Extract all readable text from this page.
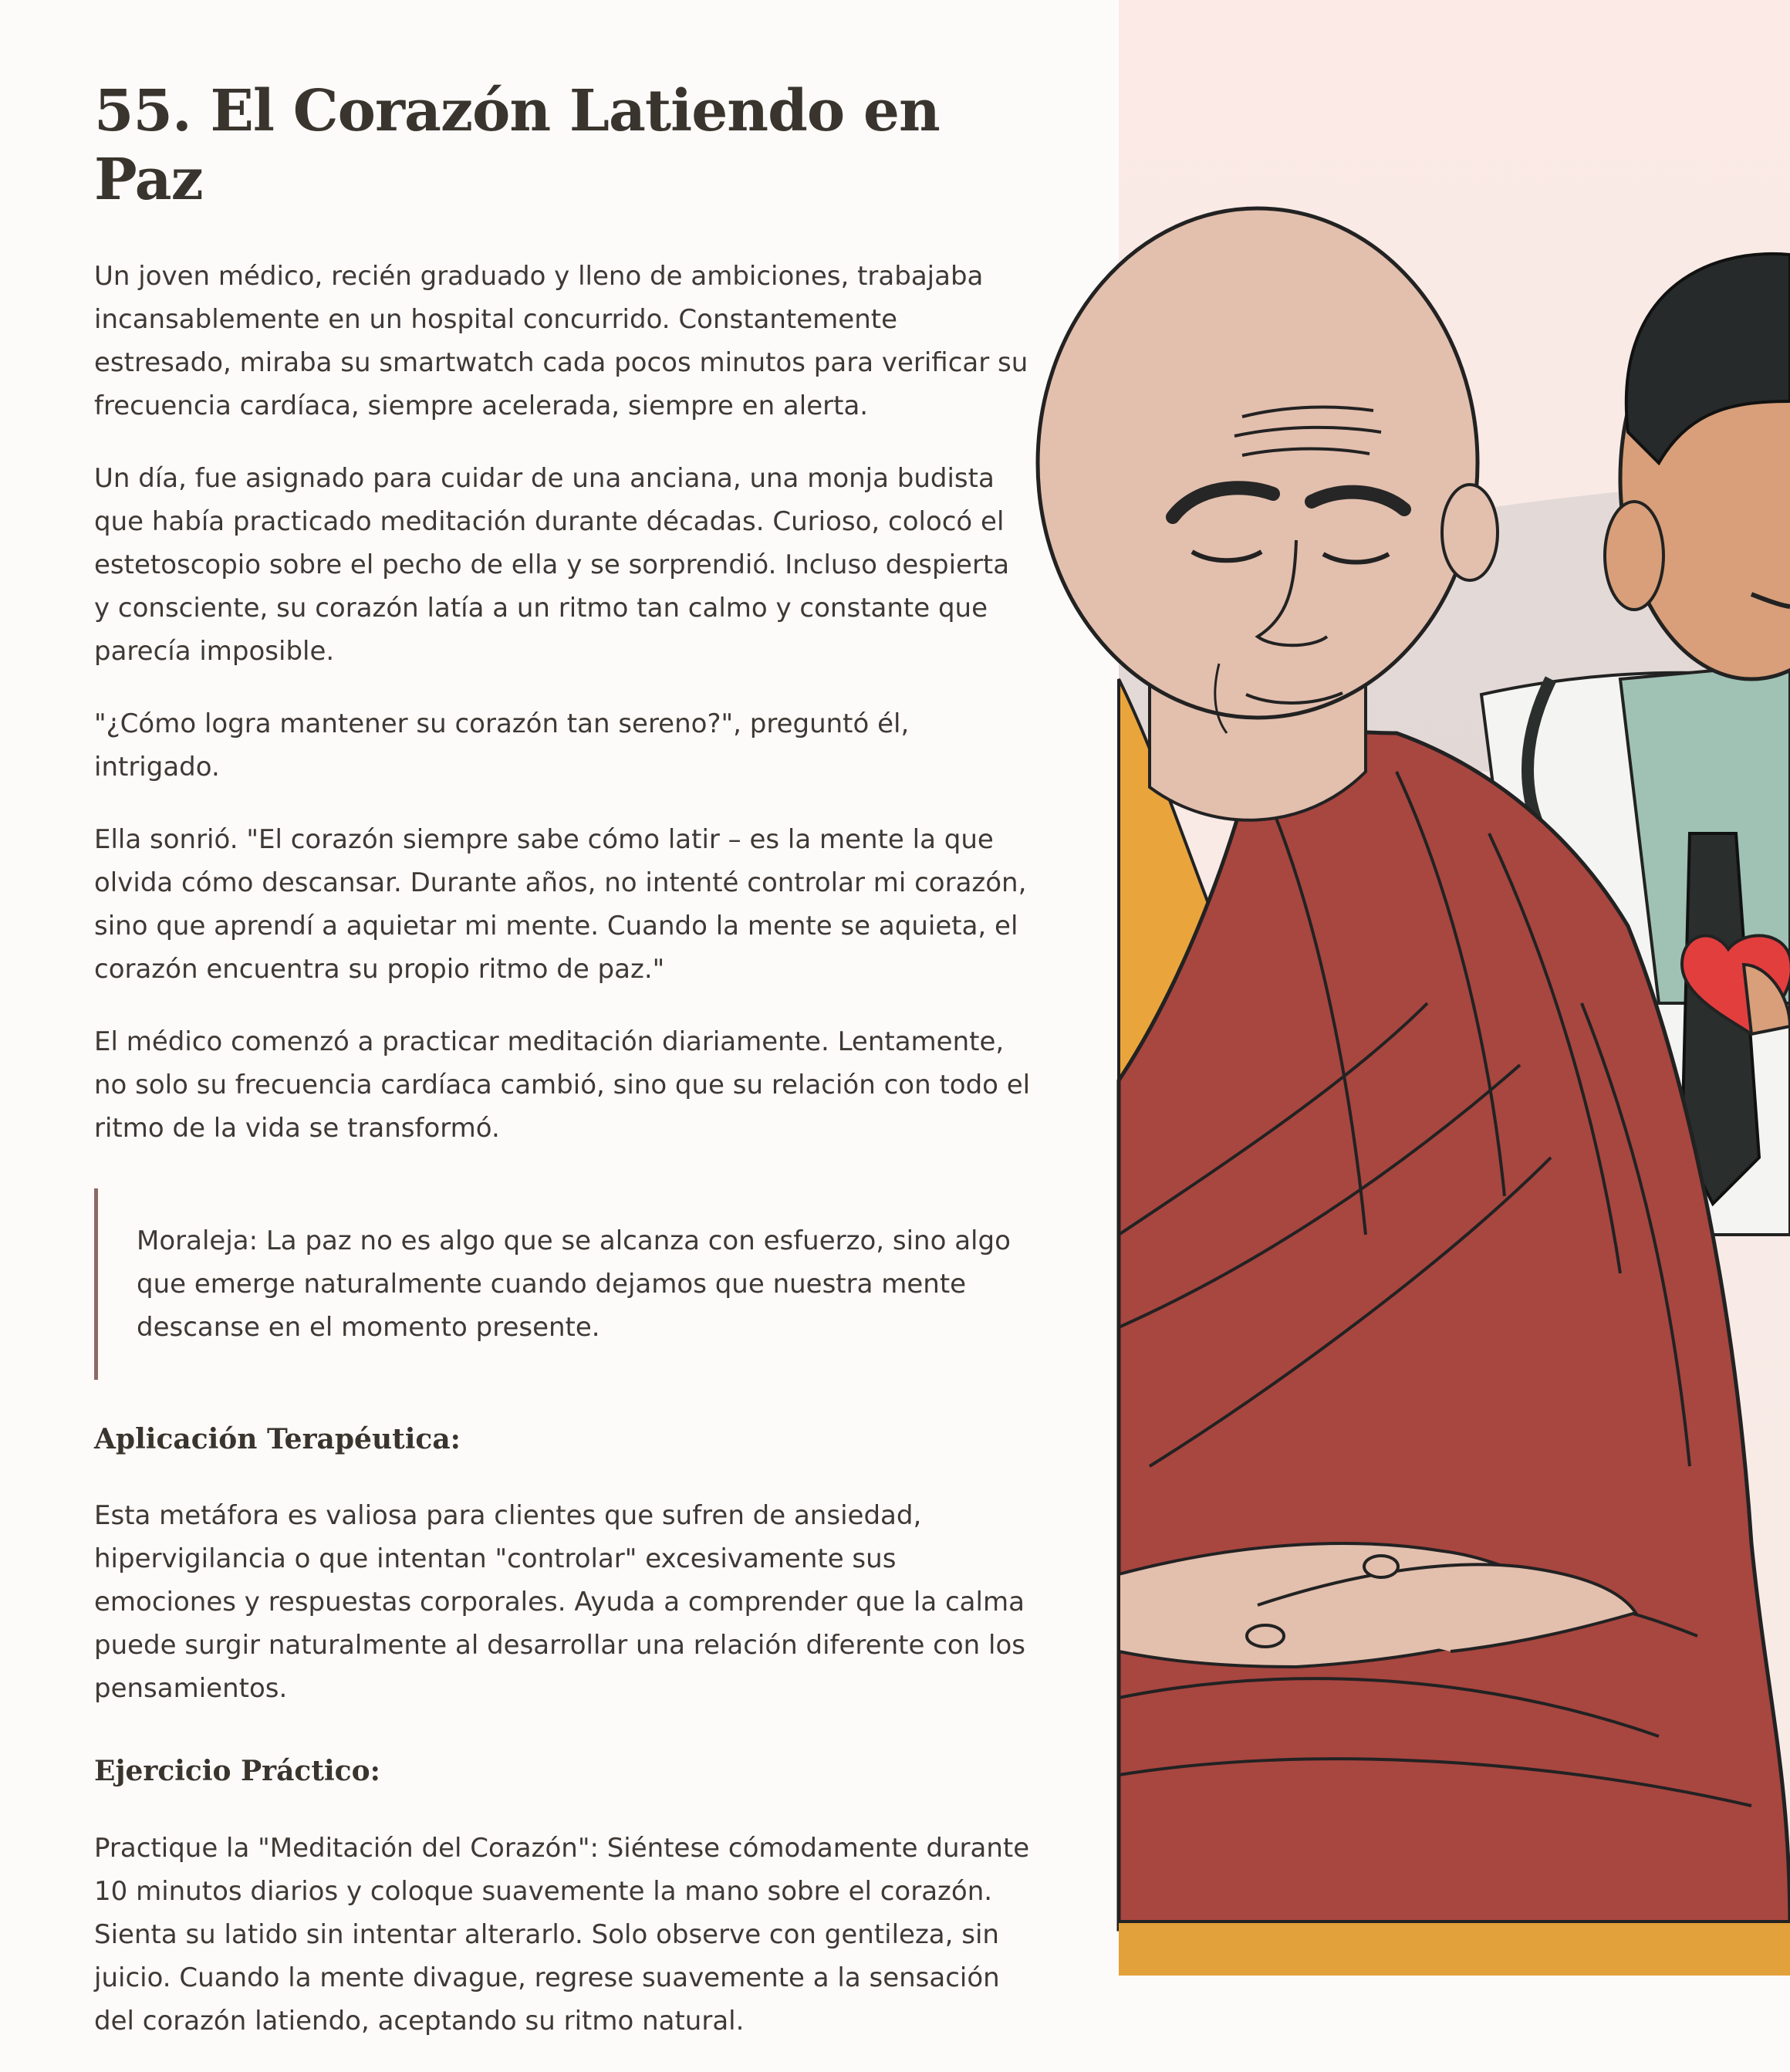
55. El Corazón Latiendo en Paz

Un joven médico, recién graduado y lleno de ambiciones, trabajaba incansablemente en un hospital concurrido. Constantemente estresado, miraba su smartwatch cada pocos minutos para verificar su frecuencia cardíaca, siempre acelerada, siempre en alerta.

Un día, fue asignado para cuidar de una anciana, una monja budista que había practicado meditación durante décadas. Curioso, colocó el estetoscopio sobre el pecho de ella y se sorprendió. Incluso despierta y consciente, su corazón latía a un ritmo tan calmo y constante que parecía imposible.

"¿Cómo logra mantener su corazón tan sereno?", preguntó él, intrigado.

Ella sonrió. "El corazón siempre sabe cómo latir – es la mente la que olvida cómo descansar. Durante años, no intenté controlar mi corazón, sino que aprendí a aquietar mi mente. Cuando la mente se aquieta, el corazón encuentra su propio ritmo de paz."

El médico comenzó a practicar meditación diariamente. Lentamente, no solo su frecuencia cardíaca cambió, sino que su relación con todo el ritmo de la vida se transformó.

Moraleja: La paz no es algo que se alcanza con esfuerzo, sino algo que emerge naturalmente cuando dejamos que nuestra mente descanse en el momento presente.

Aplicación Terapéutica:

Esta metáfora es valiosa para clientes que sufren de ansiedad, hipervigilancia o que intentan "controlar" excesivamente sus emociones y respuestas corporales. Ayuda a comprender que la calma puede surgir naturalmente al desarrollar una relación diferente con los pensamientos.

Ejercicio Práctico:

Practique la "Meditación del Corazón": Siéntese cómodamente durante 10 minutos diarios y coloque suavemente la mano sobre el corazón. Sienta su latido sin intentar alterarlo. Solo observe con gentileza, sin juicio. Cuando la mente divague, regrese suavemente a la sensación del corazón latiendo, aceptando su ritmo natural.
